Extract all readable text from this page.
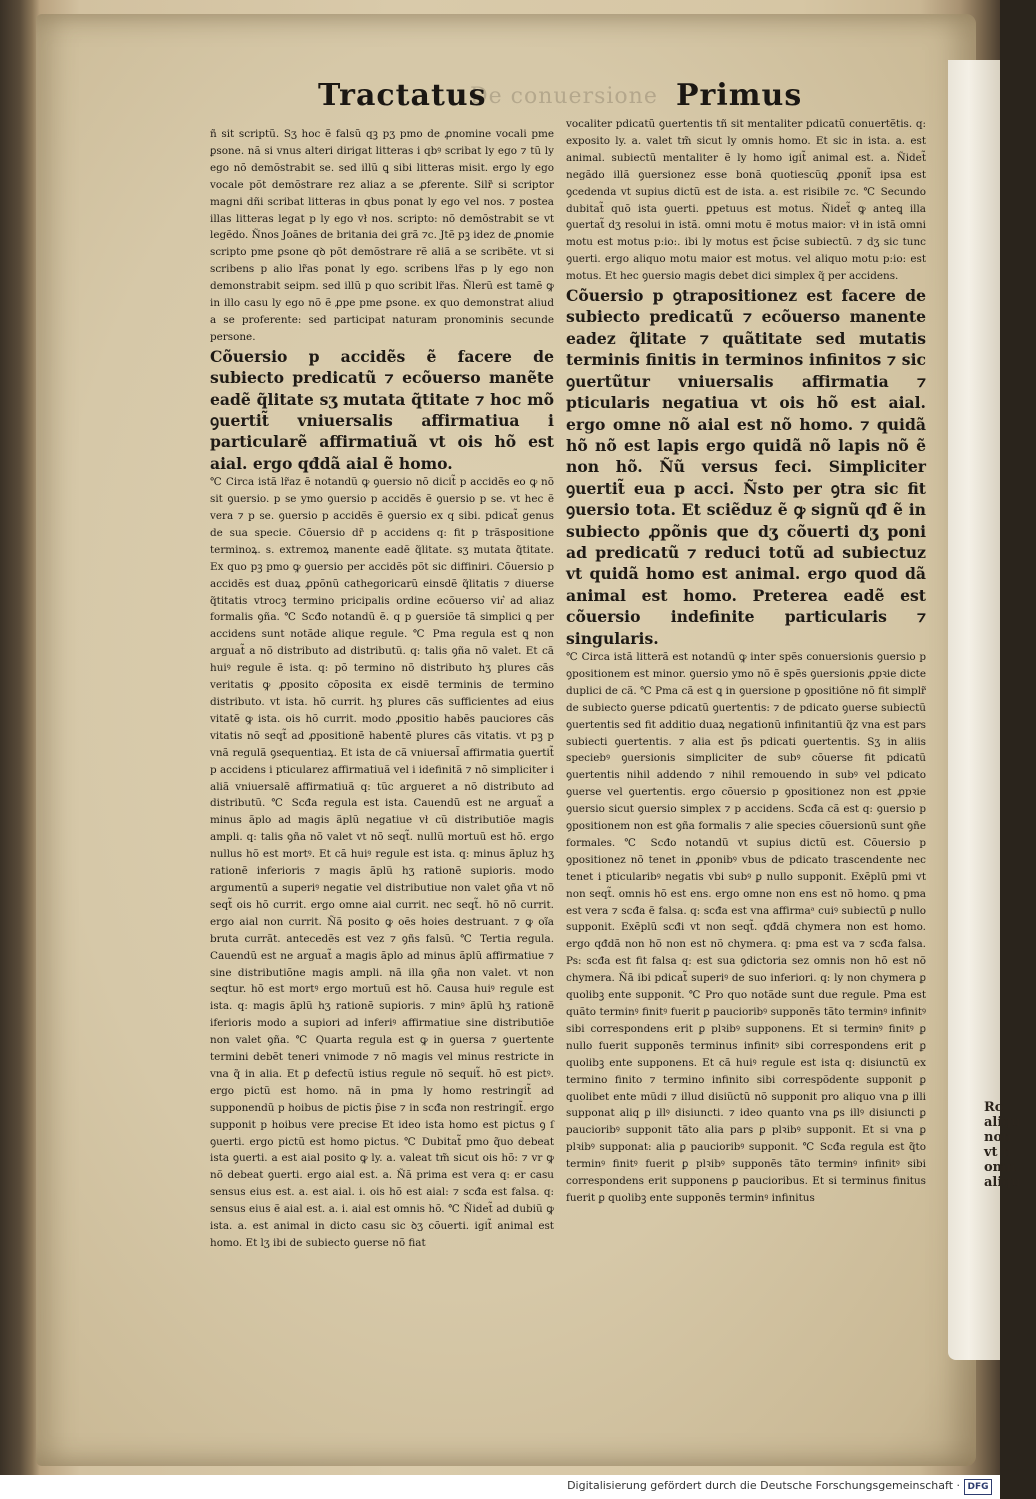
Ro
aliqu
non
vt n
omn
aliqu
De conuersione
Tractatus	Primus

ñ sit scriptũ. Sʒ hoc ẽ falsũ qꝫ pʒ pmo de ꝓnomine vocali pme ꝑsone. nã si vnus alteri dirigat litteras i qbꝰ scribat ly ego ⁊ tũ ly ego nõ demõstrabit se. sed illũ ꝗ sibi litteras misit. ergo ly ego vocale põt demõstrare rez aliaz a se ꝓferente. Silr̃ si scriptor magni dñi scribat litteras in qbus ponat ly ego vel nos. ⁊ postea illas litteras legat p ly ego vł nos. scripto: nõ demõstrabit se vt legẽdo. Ñnos Joãnes de britania dei grã ⁊c. Jtẽ pꝫ idez de ꝓnomie scripto pme ꝑsone qꝺ põt demõstrare rẽ aliã a se scribẽte. vt si scribens p alio lr̃as ponat ly ego. scribens lr̃as p ly ego non demonstrabit seipm. sed illũ p quo scribit lr̃as. Ñlerũ est tamẽ ꝙ in illo casu ly ego nõ ẽ ꝓpe pme ꝑsone. ex quo demonstrat aliud a se proferente: sed participat naturam pronominis secunde persone.

Cõuersio p accidẽs ẽ facere de subiecto predicatũ ⁊ ecõuerso manẽte eadẽ q̃litate sʒ mutata q̃titate ⁊ hoc mõ ꝯuertit̃ vniuersalis affirmatiua i particularẽ affirmatiuã vt ois hõ est aial. ergo qđdã aial ẽ homo.

℃ Circa istã lr̃az ẽ notandũ ꝙ ꝯuersio nõ dicit̃ p accidẽs eo ꝙ nõ sit ꝯuersio. p se ymo ꝯuersio p accidẽs ẽ ꝯuersio p se. vt hec ẽ vera ⁊ p se. ꝯuersio p accidẽs ẽ ꝯuersio ex q sibi. pdicat̃ genus de sua specie. Cõuersio dr̃ p accidens q: fit p trãspositione terminoꝝ. s. extremoꝝ manente eadẽ q̃litate. sʒ mutata q̃titate. Ex quo pꝫ pmo ꝙ ꝯuersio per accidẽs põt sic diffiniri. Cõuersio p accidẽs est duaꝝ ꝓpõnũ cathegoricarũ einsdẽ q̃litatis ⁊ diuerse q̃titatis vtrocꝫ termino pricipalis ordine ecõuerso vir͛ ad aliaz formalis ꝯña. ℃ Scđo notandũ ẽ. q p ꝯuersiõe tã simplici ꝗ per accidens sunt notãde alique regule. ℃ Pma regula est ꝗ non arguat̃ a nõ distributo ad distributũ. q: talis ꝯña nõ valet. Et cã huiꝰ regule ẽ ista. q: põ termino nõ distributo hʒ plures cãs veritatis ꝙ ꝓposito cõposita ex eisdẽ terminis de termino distributo. vt ista. hõ currit. hʒ plures cãs sufficientes ad eius vitatẽ ꝙ ista. ois hõ currit. modo ꝓpositio habẽs pauciores cãs vitatis nõ seqt̃ ad ꝓpositionẽ habentẽ plures cãs vitatis. vt pꝫ p vnã regulã ꝯsequentiaꝝ. Et ista de cã vniuersal̃ affirmatia ꝯuertit̃ p accidens i pticularez affirmatiuã vel i idefinitã ⁊ nõ simpliciter i aliã vniuersalẽ affirmatiuã q: tũc argueret a nõ distributo ad distributũ. ℃ Scđa regula est ista. Cauendũ est ne arguat̃ a minus ãplo ad magis ãplũ negatiue vł cũ distributiõe magis ampli. q: talis ꝯña nõ valet vt nõ seqt̃. nullũ mortuũ est hõ. ergo nullus hõ est mortꝰ. Et cã huiꝰ regule est ista. q: minus ãpluz hʒ rationẽ inferioris ⁊ magis ãplũ hʒ rationẽ supioris. modo argumentũ a superiꝰ negatie vel distributiue non valet ꝯña vt nõ seqt̃ ois hõ currit. ergo omne aial currit. nec seqt̃. hõ nõ currit. ergo aial non currit. Ñã posito ꝙ oẽs hoies destruant. ⁊ ꝙ oĩa bruta currãt. antecedẽs est vez ⁊ ꝯñs falsũ. ℃ Tertia regula. Cauendũ est ne arguat̃ a magis ãplo ad minus ãplũ affirmatiue ⁊ sine distributiõne magis ampli. nã illa ꝯña non valet. vt non seqtur. hõ est mortꝰ ergo mortuũ est hõ. Causa huiꝰ regule est ista. q: magis ãplũ hʒ rationẽ supioris. ⁊ minꝰ ãplũ hʒ rationẽ iferioris modo a supiori ad inferiꝰ affirmatiue sine distributiõe non valet ꝯña. ℃ Quarta regula est ꝙ in ꝯuersa ⁊ ꝯuertente termini debẽt teneri vnimode ⁊ nõ magis vel minus restricte in vna q̃ in alia. Et ꝑ defectũ istius regule nõ sequit̃. hõ est pictꝰ. ergo pictũ est homo. nã in pma ly homo restringit̃ ad supponendũ p hoibus de pictis p̄ise ⁊ in scđa non restringit̃. ergo supponit p hoibus vere precise Et ideo ista homo est pictus ꝯ ſ ꝯuerti. ergo pictũ est homo pictus. ℃ Dubitat̃ pmo q̃uo debeat ista ꝯuerti. a est aial posito ꝙ ly. a. valeat tm̃ sicut ois hõ: ⁊ vr ꝙ nõ debeat ꝯuerti. ergo aial est. a. Ñã prima est vera q: er casu sensus eius est. a. est aial. i. ois hõ est aial: ⁊ scđa est falsa. q: sensus eius ẽ aial est. a. i. aial est omnis hõ. ℃ Ñidet̃ ad dubiũ ꝙ ista. a. est animal in dicto casu sic ꝺʒ cõuerti. igit̃ animal est homo. Et lʒ ibi de subiecto ꝯuerse nõ fiat

vocaliter pdicatũ ꝯuertentis tñ sit mentaliter pdicatũ conuertẽtis. q: exposito ly. a. valet tm̃ sicut ly omnis homo. Et sic in ista. a. est animal. subiectũ mentaliter ẽ ly homo igit̃ animal est. a. Ñidet̃ negãdo illã ꝯuersionez esse bonã quotiescũꝗ ꝓponit̃ ipsa est ꝯcedenda vt supius dictũ est de ista. a. est risibile ⁊c. ℃ Secundo dubitat̃ quõ ista ꝯuerti. ꝑpetuus est motus. Ñidet̃ ꝙ anteꝗ illa ꝯuertat̃ dʒ resolui in istã. omni motu ẽ motus maior: vł in istã omni motu est motus p:io:. ibi ly motus est p̄cise subiectũ. ⁊ dʒ sic tunc ꝯuerti. ergo aliquo motu maior est motus. vel aliquo motu p:io: est motus. Et hec ꝯuersio magis debet dici simplex q̃ per accidens.

Cõuersio p ꝯtrapositionez est facere de subiecto predicatũ ⁊ ecõuerso manente eadez q̃litate ⁊ quãtitate sed mutatis terminis finitis in terminos infinitos ⁊ sic ꝯuertũtur vniuersalis affirmatia ⁊ pticularis negatiua vt ois hõ est aial. ergo omne nõ aial est nõ homo. ⁊ quidã hõ nõ est lapis ergo quidã nõ lapis nõ ẽ non hõ. Ñũ versus feci. Simpliciter ꝯuertit̃ eua p acci. Ñsto per ꝯtra sic fit ꝯuersio tota. Et sciẽduz ẽ ꝙ signũ qđ ẽ in subiecto ꝓpõnis que dʒ cõuerti dʒ poni ad predicatũ ⁊ reduci totũ ad subiectuz vt quidã homo est animal. ergo quod dã animal est homo. Preterea eadẽ est cõuersio indefinite particularis ⁊ singularis.

℃ Circa istã litterã est notandũ ꝙ inter spẽs conuersionis ꝯuersio p ꝯpositionem est minor. ꝯuersio ymo nõ ẽ spẽs ꝯuersionis ꝓpꝛie dicte duplici de cã. ℃ Pma cã est ꝗ in ꝯuersione p ꝯpositiõne nõ fit simplr̃ de subiecto ꝯuerse pdicatũ ꝯuertentis: ⁊ de pdicato ꝯuerse subiectũ ꝯuertentis sed fit additio duaꝝ negationũ infinitantiũ q̃z vna est pars subiecti ꝯuertentis. ⁊ alia est p̄s pdicati ꝯuertentis. Sʒ in aliis speciebꝰ ꝯuersionis simpliciter de subꝰ cõuerse fit pdicatũ ꝯuertentis nihil addendo ⁊ nihil remouendo in subꝰ vel pdicato ꝯuerse vel ꝯuertentis. ergo cõuersio p ꝯpositionez non est ꝓpꝛie ꝯuersio sicut ꝯuersio simplex ⁊ p accidens. Scđa cã est q: ꝯuersio p ꝯpositionem non est ꝯña formalis ⁊ alie species cõuersionũ sunt ꝯñe formales. ℃ Scđo notandũ vt supius dictũ est. Cõuersio p ꝯpositionez nõ tenet in ꝓponibꝰ vbus de pdicato trascendente nec tenet i pticularibꝰ negatis vbi subꝰ ꝑ nullo supponit. Exẽplũ pmi vt non seqt̃. omnis hõ est ens. ergo omne non ens est nõ homo. ꝗ pma est vera ⁊ scđa ẽ falsa. q: scđa est vna affirmaᵃ cuiꝰ subiectũ ꝑ nullo supponit. Exẽplũ scđi vt non seqt̃. qđdã chymera non est homo. ergo qđdã non hõ non est nõ chymera. q: pma est va ⁊ scđa falsa. Ps: scđa est fit falsa q: est sua ꝯdictoria sez omnis non hõ est nõ chymera. Ñã ibi pdicat̃ superiꝰ de suo inferiori. q: ly non chymera ꝑ quolibꝫ ente supponit. ℃ Pro quo notãde sunt due regule. Pma est quãto terminꝰ finitꝰ fuerit ꝑ paucioribꝰ supponẽs tãto terminꝰ infinitꝰ sibi correspondens erit ꝑ plꝛibꝰ supponens. Et si terminꝰ finitꝰ ꝑ nullo fuerit supponẽs terminus infinitꝰ sibi correspondens erit ꝑ quolibꝫ ente supponens. Et cã huiꝰ regule est ista q: disiunctũ ex termino finito ⁊ termino infinito sibi correspõdente supponit ꝑ quolibet ente mũdi ⁊ illud disiũctũ nõ supponit pro aliquo vna ꝑ illi supponat aliq ꝑ illꝰ disiuncti. ⁊ ideo quanto vna ꝑs illꝰ disiuncti ꝑ paucioribꝰ supponit tãto alia pars ꝑ plꝛibꝰ supponit. Et si vna ꝑ plꝛibꝰ supponat: alia ꝑ paucioribꝰ supponit. ℃ Scđa regula est q̃to terminꝰ finitꝰ fuerit ꝑ plꝛibꝰ supponẽs tãto terminꝰ infinitꝰ sibi correspondens erit supponens ꝑ paucioribus. Et si terminus finitus fuerit ꝑ quolibꝫ ente supponẽs terminꝰ infinitus

Digitalisierung gefördert durch die Deutsche Forschungsgemeinschaft · DFG
